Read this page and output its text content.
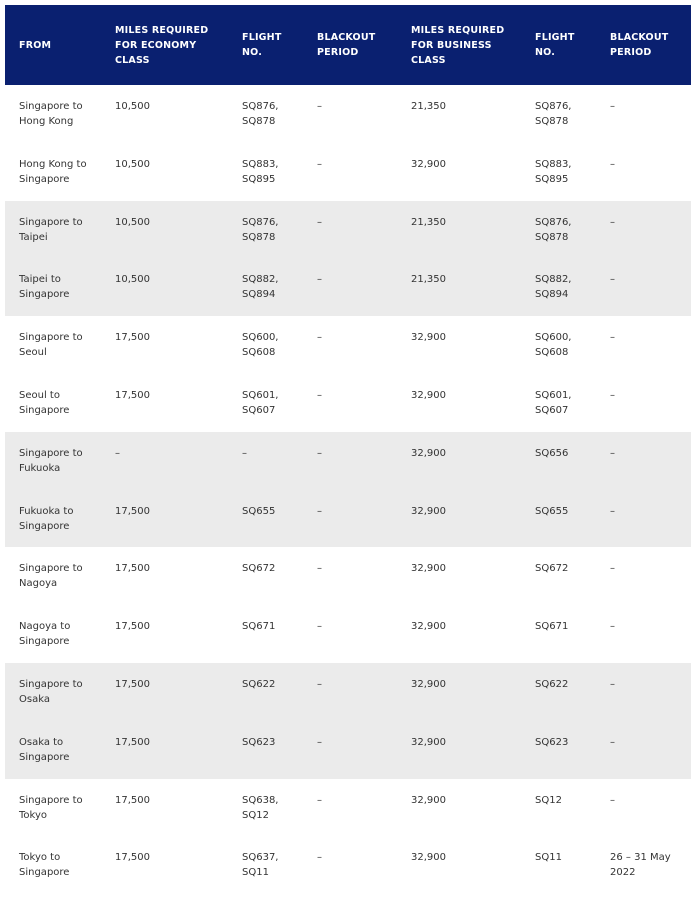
FROM	MILES REQUIRED
FOR ECONOMY
CLASS	FLIGHT
NO.	BLACKOUT
PERIOD	MILES REQUIRED
FOR BUSINESS
CLASS	FLIGHT
NO.	BLACKOUT
PERIOD

Singapore to
Hong Kong	10,500	SQ876,
SQ878	–	21,350	SQ876,
SQ878	–

Hong Kong to
Singapore	10,500	SQ883,
SQ895	–	32,900	SQ883,
SQ895	–

Singapore to
Taipei	10,500	SQ876,
SQ878	–	21,350	SQ876,
SQ878	–

Taipei to
Singapore	10,500	SQ882,
SQ894	–	21,350	SQ882,
SQ894	–

Singapore to
Seoul	17,500	SQ600,
SQ608	–	32,900	SQ600,
SQ608	–

Seoul to
Singapore	17,500	SQ601,
SQ607	–	32,900	SQ601,
SQ607	–

Singapore to
Fukuoka	–	–	–	32,900	SQ656	–

Fukuoka to
Singapore	17,500	SQ655	–	32,900	SQ655	–

Singapore to
Nagoya	17,500	SQ672	–	32,900	SQ672	–

Nagoya to
Singapore	17,500	SQ671	–	32,900	SQ671	–

Singapore to
Osaka	17,500	SQ622	–	32,900	SQ622	–

Osaka to
Singapore	17,500	SQ623	–	32,900	SQ623	–

Singapore to
Tokyo	17,500	SQ638,
SQ12	–	32,900	SQ12	–

Tokyo to
Singapore	17,500	SQ637,
SQ11	–	32,900	SQ11	26 – 31 May
2022
